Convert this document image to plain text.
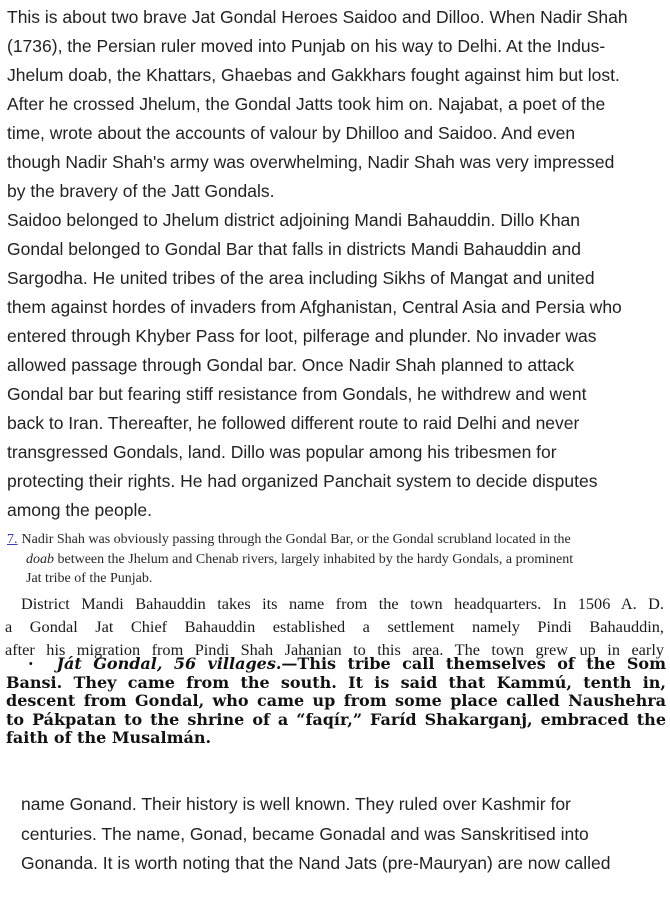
This is about two brave Jat Gondal Heroes Saidoo and Dilloo. When Nadir Shah
(1736), the Persian ruler moved into Punjab on his way to Delhi. At the Indus-
Jhelum doab, the Khattars, Ghaebas and Gakkhars fought against him but lost.
After he crossed Jhelum, the Gondal Jatts took him on. Najabat, a poet of the
time, wrote about the accounts of valour by Dhilloo and Saidoo. And even
though Nadir Shah's army was overwhelming, Nadir Shah was very impressed
by the bravery of the Jatt Gondals.
Saidoo belonged to Jhelum district adjoining Mandi Bahauddin. Dillo Khan
Gondal belonged to Gondal Bar that falls in districts Mandi Bahauddin and
Sargodha. He united tribes of the area including Sikhs of Mangat and united
them against hordes of invaders from Afghanistan, Central Asia and Persia who
entered through Khyber Pass for loot, pilferage and plunder. No invader was
allowed passage through Gondal bar. Once Nadir Shah planned to attack
Gondal bar but fearing stiff resistance from Gondals, he withdrew and went
back to Iran. Thereafter, he followed different route to raid Delhi and never
transgressed Gondals, land. Dillo was popular among his tribesmen for
protecting their rights. He had organized Panchait system to decide disputes
among the people.
7. Nadir Shah was obviously passing through the Gondal Bar, or the Gondal scrubland located in the
doab between the Jhelum and Chenab rivers, largely inhabited by the hardy Gondals, a prominent
Jat tribe of the Punjab.
District Mandi Bahauddin takes its name from the town headquarters. In 1506 A. D.
a Gondal Jat Chief Bahauddin established a settlement namely Pindi Bahauddin,
after his migration from Pindi Shah Jahanian to this area. The town grew up in early
· Ját Gondal, 56 villages.—This tribe call themselves of the Som
Bansi. They came from the south. It is said that Kammú, tenth in,
descent from Gondal, who came up from some place called Naushehra
to Pákpatan to the shrine of a “faqír,” Faríd Shakarganj, embraced the
faith of the Musalmán.
name Gonand. Their history is well known. They ruled over Kashmir for
centuries. The name, Gonad, became Gonadal and was Sanskritised into
Gonanda. It is worth noting that the Nand Jats (pre-Mauryan) are now called
